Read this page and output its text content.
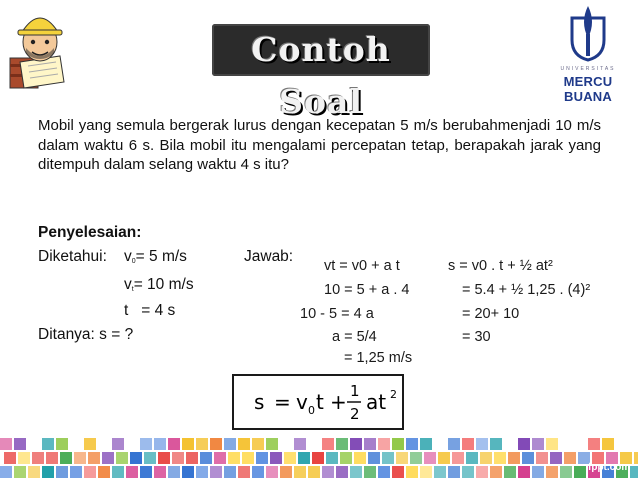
Contoh Soal
UNIVERSITAS
MERCU BUANA
Mobil yang semula bergerak lurus dengan kecepatan 5 m/s berubahmenjadi 10 m/s dalam waktu 6 s. Bila mobil itu mengalami percepatan tetap, berapakah jarak yang ditempuh dalam selang waktu 4 s itu?
Penyelesaian:
Diketahui: $v_0= 5$ m/s
$v_t= 10$ m/s
t   = 4 s
Ditanya: s = ?
Jawab:
vt = v0 + a t
10 = 5 + a . 4
10 - 5 = 4 a
a = 5/4
= 1,25 m/s
s = v0 . t + ½ at²
= 5.4 + ½ 1,25 . (4)²
= 20+ 10
= 30
s = v 0 t + 1
2 at 2
fppt.com
